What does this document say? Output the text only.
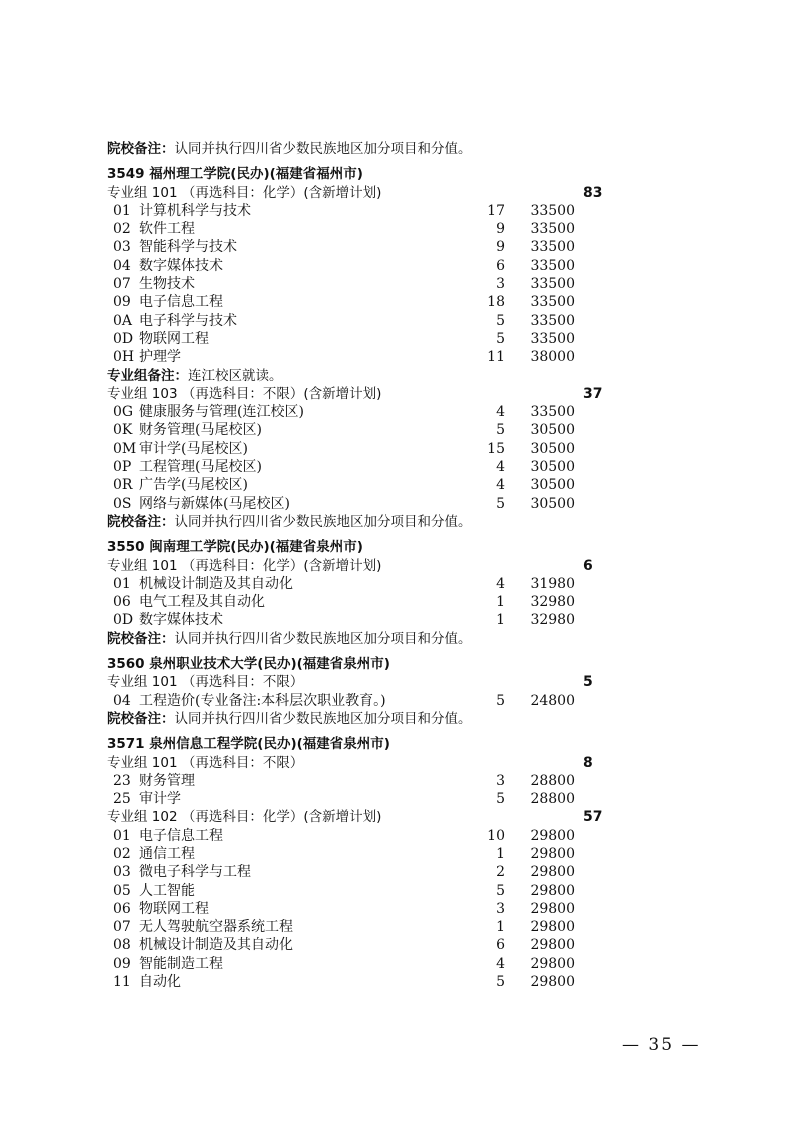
院校备注：认同并执行四川省少数民族地区加分项目和分值。
3549 福州理工学院(民办)(福建省福州市)
专业组 101 （再选科目：化学）(含新增计划)	83
01 计算机科学与技术	17	33500
02 软件工程	9	33500
03 智能科学与技术	9	33500
04 数字媒体技术	6	33500
07 生物技术	3	33500
09 电子信息工程	18	33500
0A 电子科学与技术	5	33500
0D 物联网工程	5	33500
0H 护理学	11	38000
专业组备注：连江校区就读。
专业组 103 （再选科目：不限）(含新增计划)	37
0G 健康服务与管理(连江校区)	4	33500
0K 财务管理(马尾校区)	5	30500
0M 审计学(马尾校区)	15	30500
0P 工程管理(马尾校区)	4	30500
0R 广告学(马尾校区)	4	30500
0S 网络与新媒体(马尾校区)	5	30500
院校备注：认同并执行四川省少数民族地区加分项目和分值。
3550 闽南理工学院(民办)(福建省泉州市)
专业组 101 （再选科目：化学）(含新增计划)	6
01 机械设计制造及其自动化	4	31980
06 电气工程及其自动化	1	32980
0D 数字媒体技术	1	32980
院校备注：认同并执行四川省少数民族地区加分项目和分值。
3560 泉州职业技术大学(民办)(福建省泉州市)
专业组 101 （再选科目：不限）	5
04 工程造价(专业备注:本科层次职业教育。)	5	24800
院校备注：认同并执行四川省少数民族地区加分项目和分值。
3571 泉州信息工程学院(民办)(福建省泉州市)
专业组 101 （再选科目：不限）	8
23 财务管理	3	28800
25 审计学	5	28800
专业组 102 （再选科目：化学）(含新增计划)	57
01 电子信息工程	10	29800
02 通信工程	1	29800
03 微电子科学与工程	2	29800
05 人工智能	5	29800
06 物联网工程	3	29800
07 无人驾驶航空器系统工程	1	29800
08 机械设计制造及其自动化	6	29800
09 智能制造工程	4	29800
11 自动化	5	29800
— 35 —
